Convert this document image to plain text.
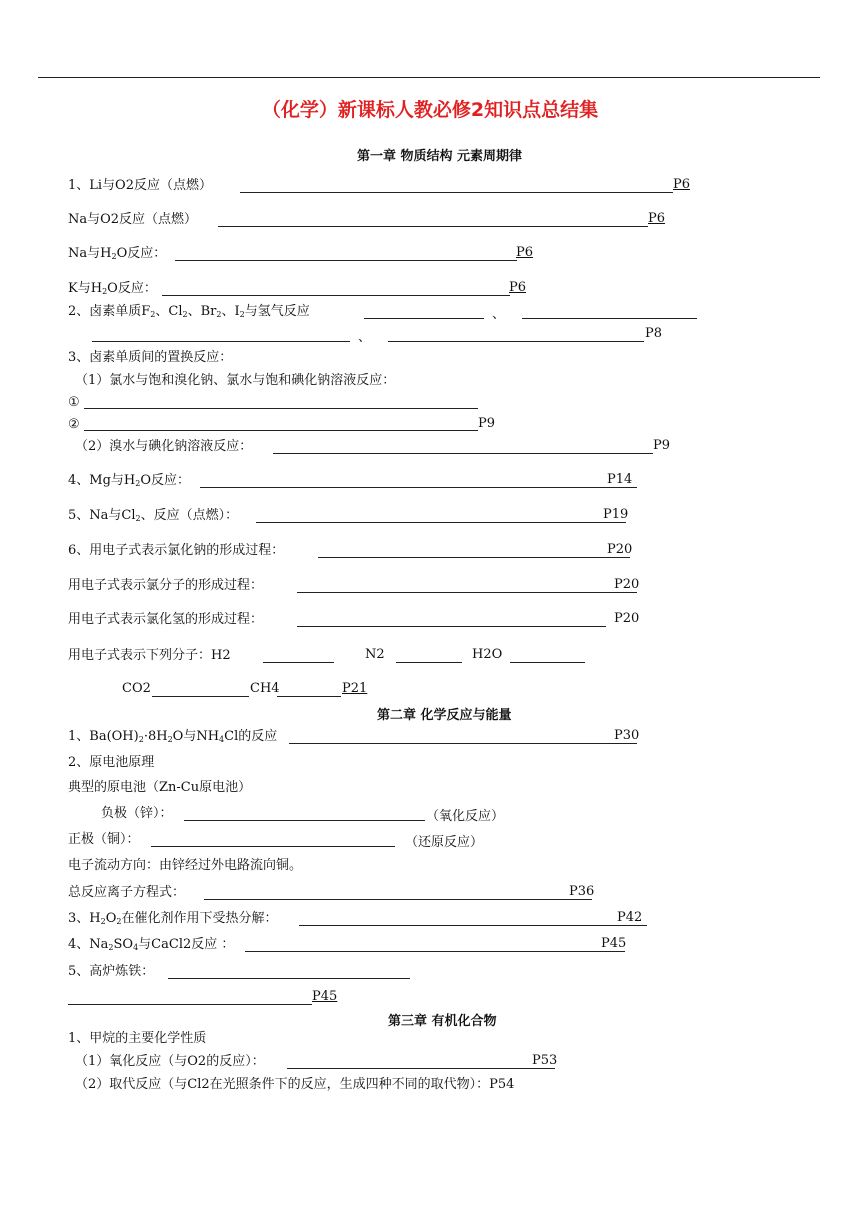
（化学）新课标人教必修2知识点总结集
第一章 物质结构 元素周期律
1、Li与O2反应（点燃）	P6
Na与O2反应（点燃）	P6
Na与$H_2O$反应：	P6
K与$H_2O$反应：	P6
2、卤素单质$F_2$、$Cl_2$、$Br_2$、$I_2$与氢气反应	、
、	P8
3、卤素单质间的置换反应：
（1）氯水与饱和溴化钠、氯水与饱和碘化钠溶液反应：
①
②	P9
（2）溴水与碘化钠溶液反应：	P9
4、Mg与$H_2O$反应：	P14
5、Na与$Cl_2$、反应（点燃）：	P19
6、用电子式表示氯化钠的形成过程：	P20
用电子式表示氯分子的形成过程：	P20
用电子式表示氯化氢的形成过程：	P20
用电子式表示下列分子：H2	N2	H2O
CO2	CH4	P21
第二章 化学反应与能量
1、$Ba(OH)_2\cdot 8H_2O$与$NH_4Cl$的反应	P30
2、原电池原理
典型的原电池（Zn-Cu原电池）
负极（锌）：	（氧化反应）
正极（铜）：	（还原反应）
电子流动方向：由锌经过外电路流向铜。
总反应离子方程式：	P36
3、$H_2O_2$在催化剂作用下受热分解：	P42
4、$Na_2SO_4$与CaCl2反应 ：	P45
5、高炉炼铁：
P45
第三章 有机化合物
1、甲烷的主要化学性质
（1）氧化反应（与O2的反应）：	P53
（2）取代反应（与Cl2在光照条件下的反应，生成四种不同的取代物）：P54
